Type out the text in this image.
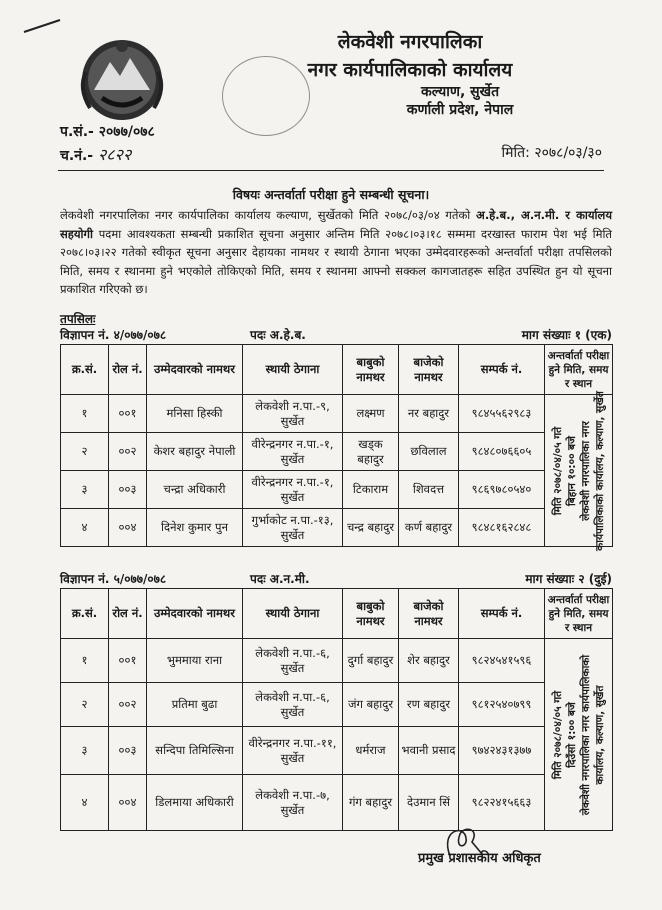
लेकवेशी नगरपालिका
नगर कार्यपालिकाको कार्यालय
कल्याण, सुर्खेत
कर्णाली प्रदेश, नेपाल
प.सं.- २०७७/०७८
च.नं.- २८२२	मिति: २०७८/०३/३०
विषयः अन्तर्वार्ता परीक्षा हुने सम्बन्धी सूचना।
लेकवेशी नगरपालिका नगर कार्यपालिका कार्यालय कल्याण, सुर्खेतको मिति २०७८/०३/०४ गतेको अ.हे.ब., अ.न.मी. र कार्यालय सहयोगी पदमा आवश्यकता सम्बन्धी प्रकाशित सूचना अनुसार अन्तिम मिति २०७८।०३।१८ सम्ममा दरखास्त फाराम पेश भई मिति २०७८।०३।२२ गतेको स्वीकृत सूचना अनुसार देहायका नामथर र स्थायी ठेगाना भएका उम्मेदवारहरूको अन्तर्वार्ता परीक्षा तपसिलको मिति, समय र स्थानमा हुने भएकोले तोकिएको मिति, समय र स्थानमा आफ्नो सक्कल कागजातहरू सहित उपस्थित हुन यो सूचना प्रकाशित गरिएको छ।
तपसिलः
विज्ञापन नं. ४/०७७/०७८	पदः अ.हे.ब.	माग संख्याः १ (एक)
क्र.सं.	रोल नं.	उम्मेदवारको नामथर	स्थायी ठेगाना	बाबुको नामथर	बाजेको नामथर	सम्पर्क नं.	अन्तर्वार्ता परीक्षा हुने मिति, समय र स्थान
१	००१	मनिसा हिस्की	लेकवेशी न.पा.-९, सुर्खेत	लक्ष्मण	नर बहादुर	९८४५५६२९८३	मिति २०७८/०४/०५ गते बिहान १०:०० बजे लेकवेशी नगरपालिका नगर कार्यपालिकाको कार्यालय, कल्याण, सुर्खेत

२	००२	केशर बहादुर नेपाली	वीरेन्द्रनगर न.पा.-१, सुर्खेत	खड्क बहादुर	छविलाल	९८४८०७६६०५	
३	००३	चन्द्रा अधिकारी	वीरेन्द्रनगर न.पा.-१, सुर्खेत	टिकाराम	शिवदत्त	९८६९७८०५४०	
४	००४	दिनेश कुमार पुन	गुर्भाकोट न.पा.-१३, सुर्खेत	चन्द्र बहादुर	कर्ण बहादुर	९८४८१६२८४८	
विज्ञापन नं. ५/०७७/०७८	पदः अ.न.मी.	माग संख्याः २ (दुई)
क्र.सं.	रोल नं.	उम्मेदवारको नामथर	स्थायी ठेगाना	बाबुको नामथर	बाजेको नामथर	सम्पर्क नं.	अन्तर्वार्ता परीक्षा हुने मिति, समय र स्थान
१	००१	भुममाया राना	लेकवेशी न.पा.-६, सुर्खेत	दुर्गा बहादुर	शेर बहादुर	९८२४५४१५९६	मिति २०७८/०४/०५ गते दिउँसो १:०० बजे लेकवेशी नगरपालिका नगर कार्यपालिकाको कार्यालय, कल्याण, सुर्खेत

२	००२	प्रतिमा बुढा	लेकवेशी न.पा.-६, सुर्खेत	जंग बहादुर	रण बहादुर	९८१२५४०७९९	
३	००३	सन्दिपा तिमिल्सिना	वीरेन्द्रनगर न.पा.-११, सुर्खेत	धर्मराज	भवानी प्रसाद	९७४२४३१३७७	
४	००४	डिलमाया अधिकारी	लेकवेशी न.पा.-७, सुर्खेत	गंग बहादुर	देउमान सिं	९८२२४१५६६३	
प्रमुख प्रशासकीय अधिकृत
